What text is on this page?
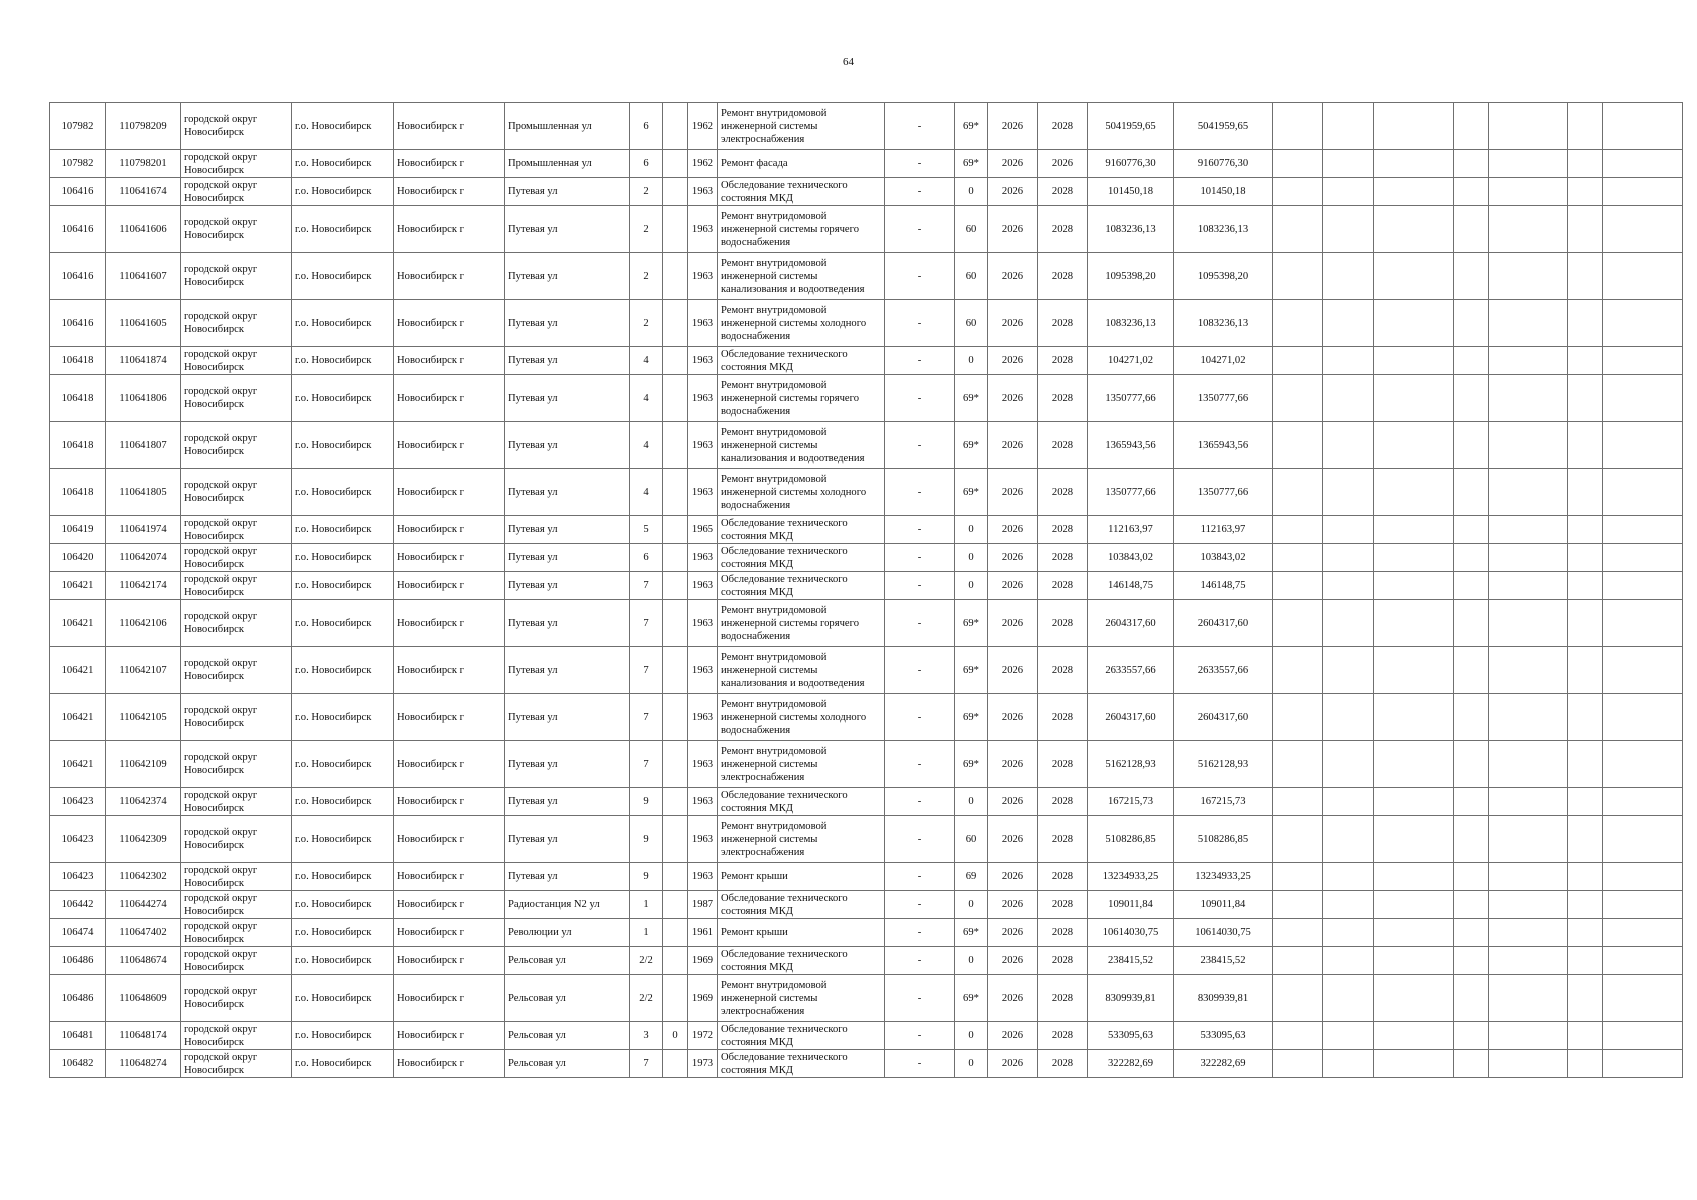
64
107982	110798209	городской округ Новосибирск	г.о. Новосибирск	Новосибирск г	Промышленная ул	6		1962	Ремонт внутридомовой инженерной системы электроснабжения	-	69*	2026	2028	5041959,65	5041959,65							
107982	110798201	городской округ Новосибирск	г.о. Новосибирск	Новосибирск г	Промышленная ул	6		1962	Ремонт фасада	-	69*	2026	2026	9160776,30	9160776,30							
106416	110641674	городской округ Новосибирск	г.о. Новосибирск	Новосибирск г	Путевая ул	2		1963	Обследование технического состояния МКД	-	0	2026	2028	101450,18	101450,18							
106416	110641606	городской округ Новосибирск	г.о. Новосибирск	Новосибирск г	Путевая ул	2		1963	Ремонт внутридомовой инженерной системы горячего водоснабжения	-	60	2026	2028	1083236,13	1083236,13							
106416	110641607	городской округ Новосибирск	г.о. Новосибирск	Новосибирск г	Путевая ул	2		1963	Ремонт внутридомовой инженерной системы канализования и водоотведения	-	60	2026	2028	1095398,20	1095398,20							
106416	110641605	городской округ Новосибирск	г.о. Новосибирск	Новосибирск г	Путевая ул	2		1963	Ремонт внутридомовой инженерной системы холодного водоснабжения	-	60	2026	2028	1083236,13	1083236,13							
106418	110641874	городской округ Новосибирск	г.о. Новосибирск	Новосибирск г	Путевая ул	4		1963	Обследование технического состояния МКД	-	0	2026	2028	104271,02	104271,02							
106418	110641806	городской округ Новосибирск	г.о. Новосибирск	Новосибирск г	Путевая ул	4		1963	Ремонт внутридомовой инженерной системы горячего водоснабжения	-	69*	2026	2028	1350777,66	1350777,66							
106418	110641807	городской округ Новосибирск	г.о. Новосибирск	Новосибирск г	Путевая ул	4		1963	Ремонт внутридомовой инженерной системы канализования и водоотведения	-	69*	2026	2028	1365943,56	1365943,56							
106418	110641805	городской округ Новосибирск	г.о. Новосибирск	Новосибирск г	Путевая ул	4		1963	Ремонт внутридомовой инженерной системы холодного водоснабжения	-	69*	2026	2028	1350777,66	1350777,66							
106419	110641974	городской округ Новосибирск	г.о. Новосибирск	Новосибирск г	Путевая ул	5		1965	Обследование технического состояния МКД	-	0	2026	2028	112163,97	112163,97							
106420	110642074	городской округ Новосибирск	г.о. Новосибирск	Новосибирск г	Путевая ул	6		1963	Обследование технического состояния МКД	-	0	2026	2028	103843,02	103843,02							
106421	110642174	городской округ Новосибирск	г.о. Новосибирск	Новосибирск г	Путевая ул	7		1963	Обследование технического состояния МКД	-	0	2026	2028	146148,75	146148,75							
106421	110642106	городской округ Новосибирск	г.о. Новосибирск	Новосибирск г	Путевая ул	7		1963	Ремонт внутридомовой инженерной системы горячего водоснабжения	-	69*	2026	2028	2604317,60	2604317,60							
106421	110642107	городской округ Новосибирск	г.о. Новосибирск	Новосибирск г	Путевая ул	7		1963	Ремонт внутридомовой инженерной системы канализования и водоотведения	-	69*	2026	2028	2633557,66	2633557,66							
106421	110642105	городской округ Новосибирск	г.о. Новосибирск	Новосибирск г	Путевая ул	7		1963	Ремонт внутридомовой инженерной системы холодного водоснабжения	-	69*	2026	2028	2604317,60	2604317,60							
106421	110642109	городской округ Новосибирск	г.о. Новосибирск	Новосибирск г	Путевая ул	7		1963	Ремонт внутридомовой инженерной системы электроснабжения	-	69*	2026	2028	5162128,93	5162128,93							
106423	110642374	городской округ Новосибирск	г.о. Новосибирск	Новосибирск г	Путевая ул	9		1963	Обследование технического состояния МКД	-	0	2026	2028	167215,73	167215,73							
106423	110642309	городской округ Новосибирск	г.о. Новосибирск	Новосибирск г	Путевая ул	9		1963	Ремонт внутридомовой инженерной системы электроснабжения	-	60	2026	2028	5108286,85	5108286,85							
106423	110642302	городской округ Новосибирск	г.о. Новосибирск	Новосибирск г	Путевая ул	9		1963	Ремонт крыши	-	69	2026	2028	13234933,25	13234933,25							
106442	110644274	городской округ Новосибирск	г.о. Новосибирск	Новосибирск г	Радиостанция N2 ул	1		1987	Обследование технического состояния МКД	-	0	2026	2028	109011,84	109011,84							
106474	110647402	городской округ Новосибирск	г.о. Новосибирск	Новосибирск г	Революции ул	1		1961	Ремонт крыши	-	69*	2026	2028	10614030,75	10614030,75							
106486	110648674	городской округ Новосибирск	г.о. Новосибирск	Новосибирск г	Рельсовая ул	2/2		1969	Обследование технического состояния МКД	-	0	2026	2028	238415,52	238415,52							
106486	110648609	городской округ Новосибирск	г.о. Новосибирск	Новосибирск г	Рельсовая ул	2/2		1969	Ремонт внутридомовой инженерной системы электроснабжения	-	69*	2026	2028	8309939,81	8309939,81							
106481	110648174	городской округ Новосибирск	г.о. Новосибирск	Новосибирск г	Рельсовая ул	3	0	1972	Обследование технического состояния МКД	-	0	2026	2028	533095,63	533095,63							
106482	110648274	городской округ Новосибирск	г.о. Новосибирск	Новосибирск г	Рельсовая ул	7		1973	Обследование технического состояния МКД	-	0	2026	2028	322282,69	322282,69							
